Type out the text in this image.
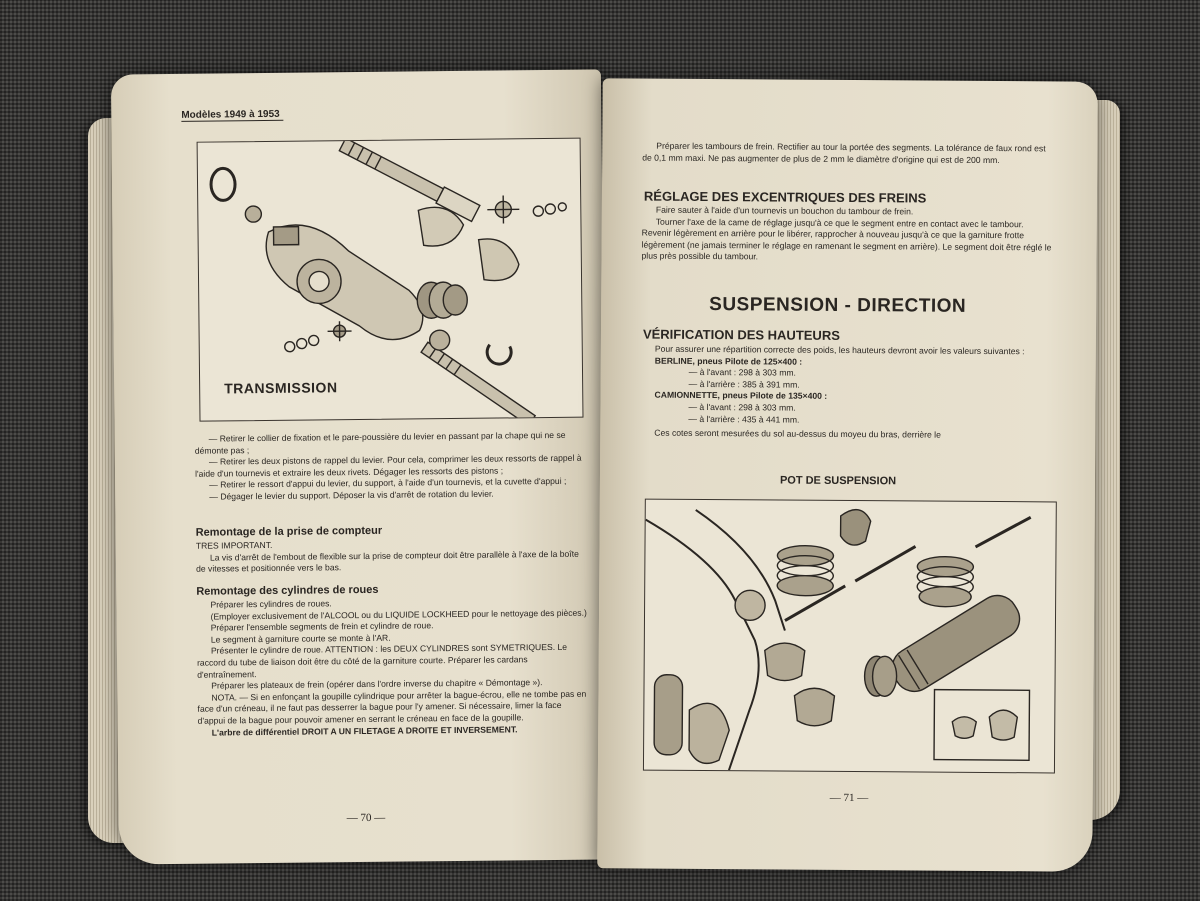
Modèles 1949 à 1953
TRANSMISSION

— Retirer le collier de fixation et le pare-poussière du levier en passant par la chape qui ne se démonte pas ;

— Retirer les deux pistons de rappel du levier. Pour cela, comprimer les deux ressorts de rappel à l'aide d'un tournevis et extraire les deux rivets. Dégager les ressorts des pistons ;

— Retirer le ressort d'appui du levier, du support, à l'aide d'un tournevis, et la cuvette d'appui ;

— Dégager le levier du support. Déposer la vis d'arrêt de rotation du levier.

Remontage de la prise de compteur
TRES IMPORTANT.

La vis d'arrêt de l'embout de flexible sur la prise de compteur doit être parallèle à l'axe de la boîte de vitesses et positionnée vers le bas.

Remontage des cylindres de roues

Préparer les cylindres de roues.

(Employer exclusivement de l'ALCOOL ou du LIQUIDE LOCKHEED pour le nettoyage des pièces.)

Préparer l'ensemble segments de frein et cylindre de roue.

Le segment à garniture courte se monte à l'AR.

Présenter le cylindre de roue. ATTENTION : les DEUX CYLINDRES sont SYMETRIQUES. Le raccord du tube de liaison doit être du côté de la garniture courte. Préparer les cardans d'entraînement.

Préparer les plateaux de frein (opérer dans l'ordre inverse du chapitre « Démontage »).

NOTA. — Si en enfonçant la goupille cylindrique pour arrêter la bague-écrou, elle ne tombe pas en face d'un créneau, il ne faut pas desserrer la bague pour l'y amener. Si nécessaire, limer la face d'appui de la bague pour pouvoir amener en serrant le créneau en face de la goupille.

L'arbre de différentiel DROIT A UN FILETAGE A DROITE ET INVERSEMENT.

— 70 —

Préparer les tambours de frein. Rectifier au tour la portée des segments. La tolérance de faux rond est de 0,1 mm maxi. Ne pas augmenter de plus de 2 mm le diamètre d'origine qui est de 200 mm.

RÉGLAGE DES EXCENTRIQUES DES FREINS

Faire sauter à l'aide d'un tournevis un bouchon du tambour de frein.

Tourner l'axe de la came de réglage jusqu'à ce que le segment entre en contact avec le tambour. Revenir légèrement en arrière pour le libérer, rapprocher à nouveau jusqu'à ce que la garniture frotte légèrement (ne jamais terminer le réglage en ramenant le segment en arrière). Le segment doit être réglé le plus près possible du tambour.

SUSPENSION - DIRECTION
VÉRIFICATION DES HAUTEURS

Pour assurer une répartition correcte des poids, les hauteurs devront avoir les valeurs suivantes :

BERLINE, pneus Pilote de 125×400 :
— à l'avant : 298 à 303 mm.
— à l'arrière : 385 à 391 mm.
CAMIONNETTE, pneus Pilote de 135×400 :
— à l'avant : 298 à 303 mm.
— à l'arrière : 435 à 441 mm.

Ces cotes seront mesurées du sol au-dessus du moyeu du bras, derrière le

POT DE SUSPENSION
— 71 —
